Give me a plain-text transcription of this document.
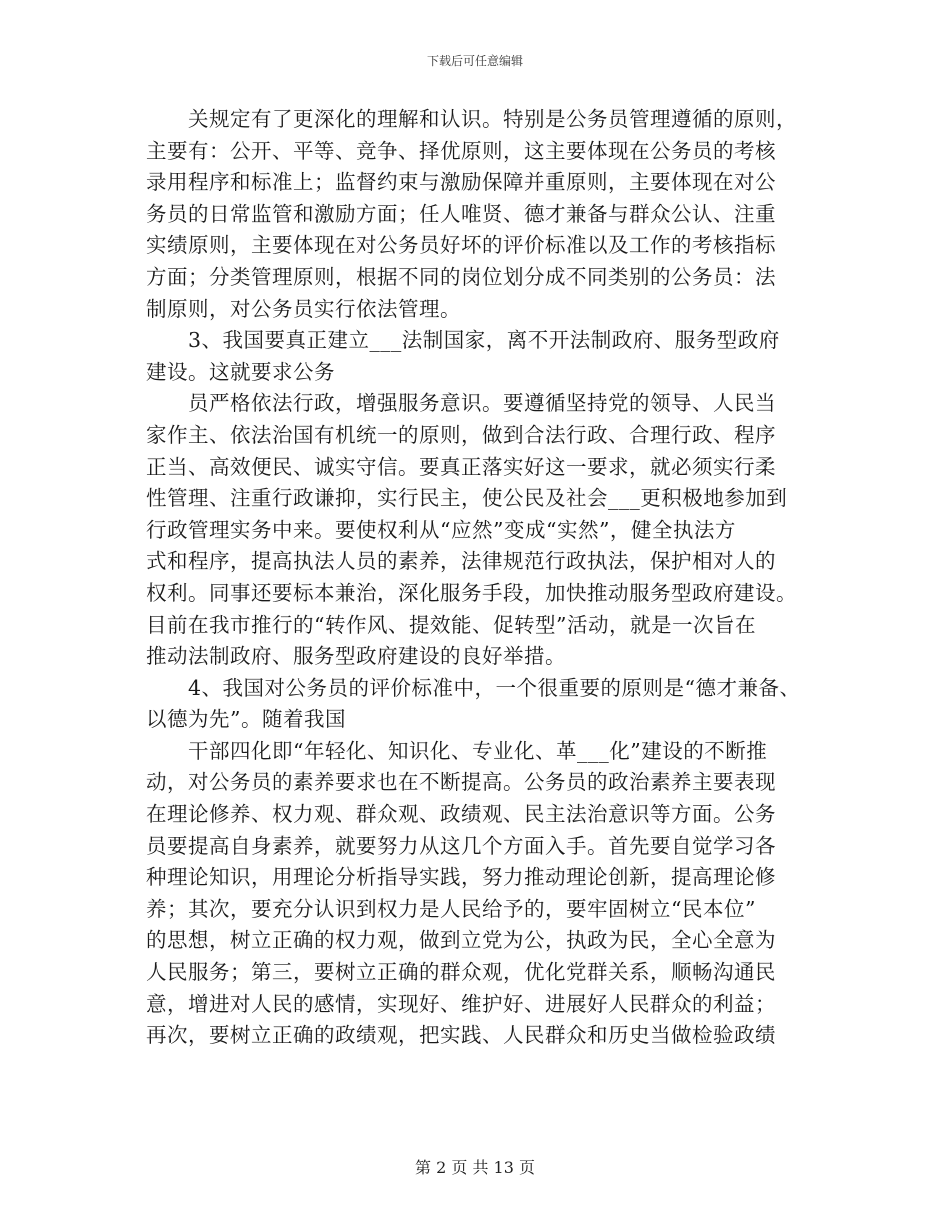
下载后可任意编辑
关规定有了更深化的理解和认识。特别是公务员管理遵循的原则，
主要有：公开、平等、竞争、择优原则，这主要体现在公务员的考核
录用程序和标准上；监督约束与激励保障并重原则，主要体现在对公
务员的日常监管和激励方面；任人唯贤、德才兼备与群众公认、注重
实绩原则，主要体现在对公务员好坏的评价标准以及工作的考核指标
方面；分类管理原则，根据不同的岗位划分成不同类别的公务员：法
制原则，对公务员实行依法管理。
3、我国要真正建立___法制国家，离不开法制政府、服务型政府
建设。这就要求公务
员严格依法行政，增强服务意识。要遵循坚持党的领导、人民当
家作主、依法治国有机统一的原则，做到合法行政、合理行政、程序
正当、高效便民、诚实守信。要真正落实好这一要求，就必须实行柔
性管理、注重行政谦抑，实行民主，使公民及社会___更积极地参加到
行政管理实务中来。要使权利从“应然”变成“实然”，健全执法方
式和程序，提高执法人员的素养，法律规范行政执法，保护相对人的
权利。同事还要标本兼治，深化服务手段，加快推动服务型政府建设。
目前在我市推行的“转作风、提效能、促转型”活动，就是一次旨在
推动法制政府、服务型政府建设的良好举措。
4、我国对公务员的评价标准中，一个很重要的原则是“德才兼备、
以德为先”。随着我国
干部四化即“年轻化、知识化、专业化、革___化”建设的不断推
动，对公务员的素养要求也在不断提高。公务员的政治素养主要表现
在理论修养、权力观、群众观、政绩观、民主法治意识等方面。公务
员要提高自身素养，就要努力从这几个方面入手。首先要自觉学习各
种理论知识，用理论分析指导实践，努力推动理论创新，提高理论修
养；其次，要充分认识到权力是人民给予的，要牢固树立“民本位”
的思想，树立正确的权力观，做到立党为公，执政为民，全心全意为
人民服务；第三，要树立正确的群众观，优化党群关系，顺畅沟通民
意，增进对人民的感情，实现好、维护好、进展好人民群众的利益；
再次，要树立正确的政绩观，把实践、人民群众和历史当做检验政绩
第 2 页 共 13 页
